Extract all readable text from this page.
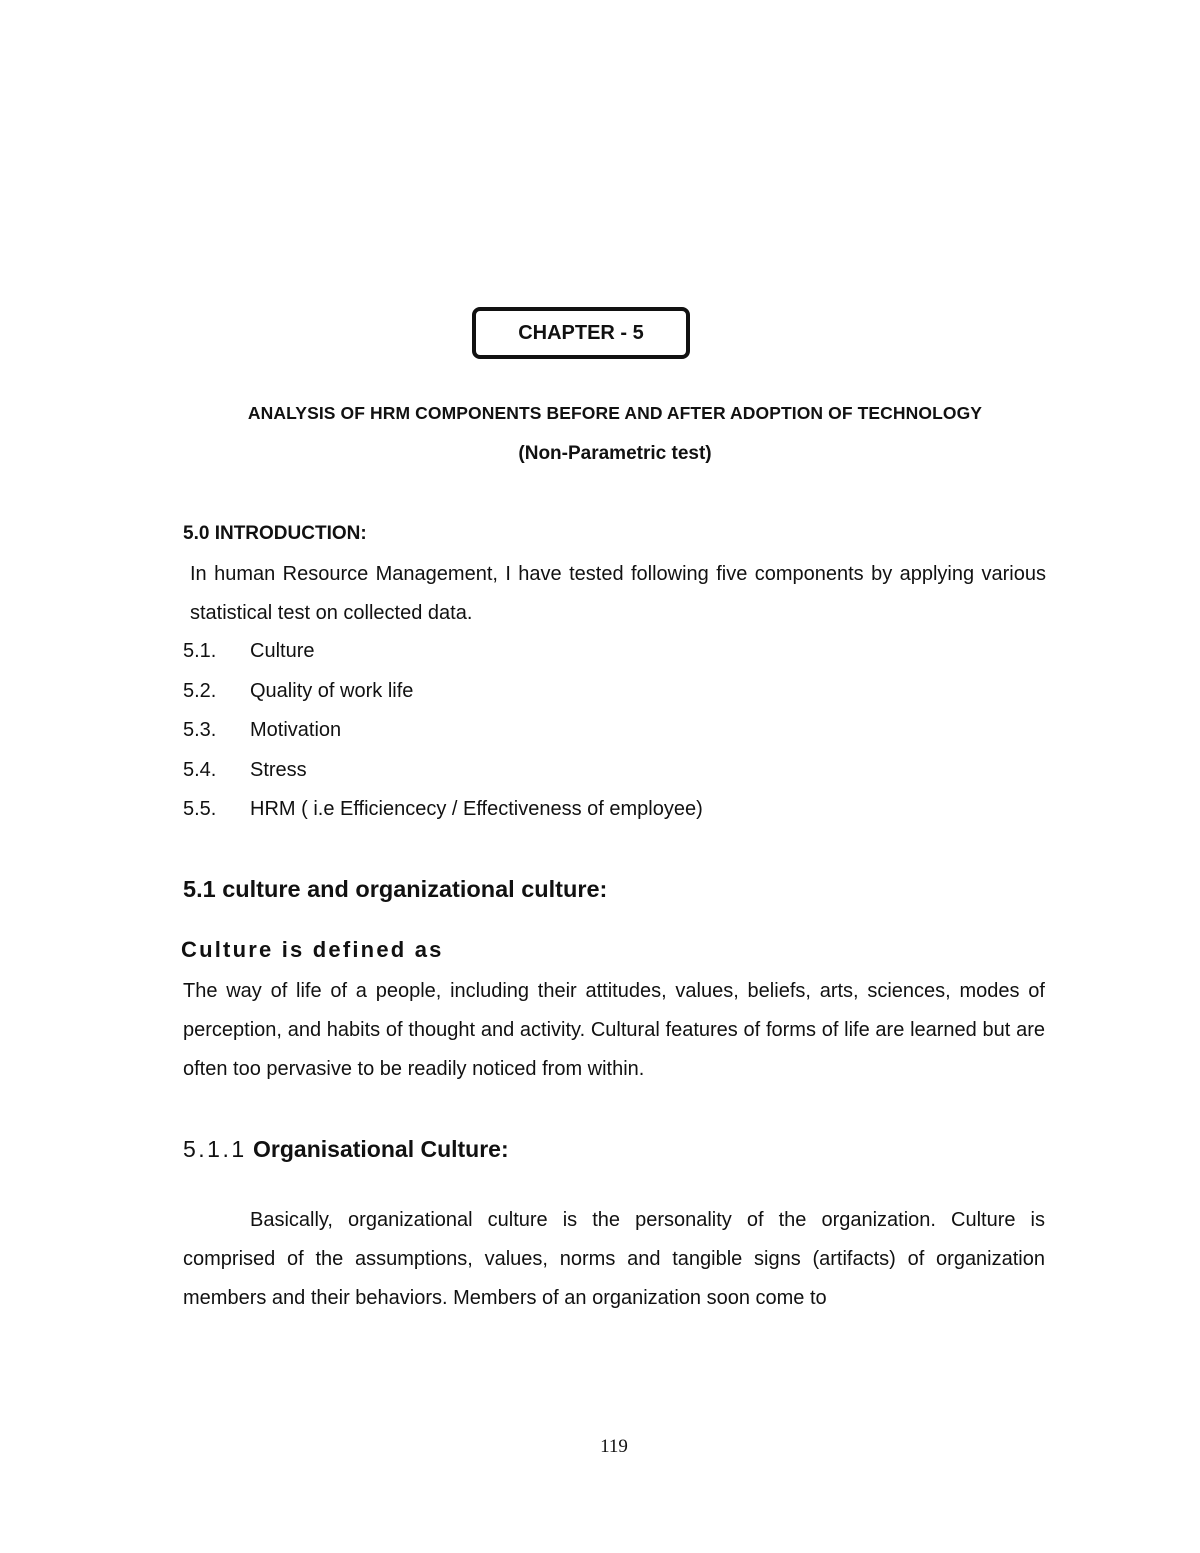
CHAPTER - 5

ANALYSIS OF HRM COMPONENTS BEFORE AND AFTER ADOPTION OF TECHNOLOGY

(Non-Parametric test)

5.0 INTRODUCTION:

In human Resource Management, I have tested following five components by applying various statistical test on collected data.

5.1.	Culture
5.2.	Quality of work life
5.3.	Motivation
5.4.	Stress
5.5.	HRM ( i.e Efficiencecy / Effectiveness of employee)

5.1 culture and organizational culture:

Culture is defined as

The way of life of a people, including their attitudes, values, beliefs, arts, sciences, modes of perception, and habits of thought and activity. Cultural features of forms of life are learned but are often too pervasive to be readily noticed from within.

5.1.1 Organisational Culture:

Basically, organizational culture is the personality of the organization. Culture is comprised of the assumptions, values, norms and tangible signs (artifacts) of organization members and their behaviors. Members of an organization soon come to

119
